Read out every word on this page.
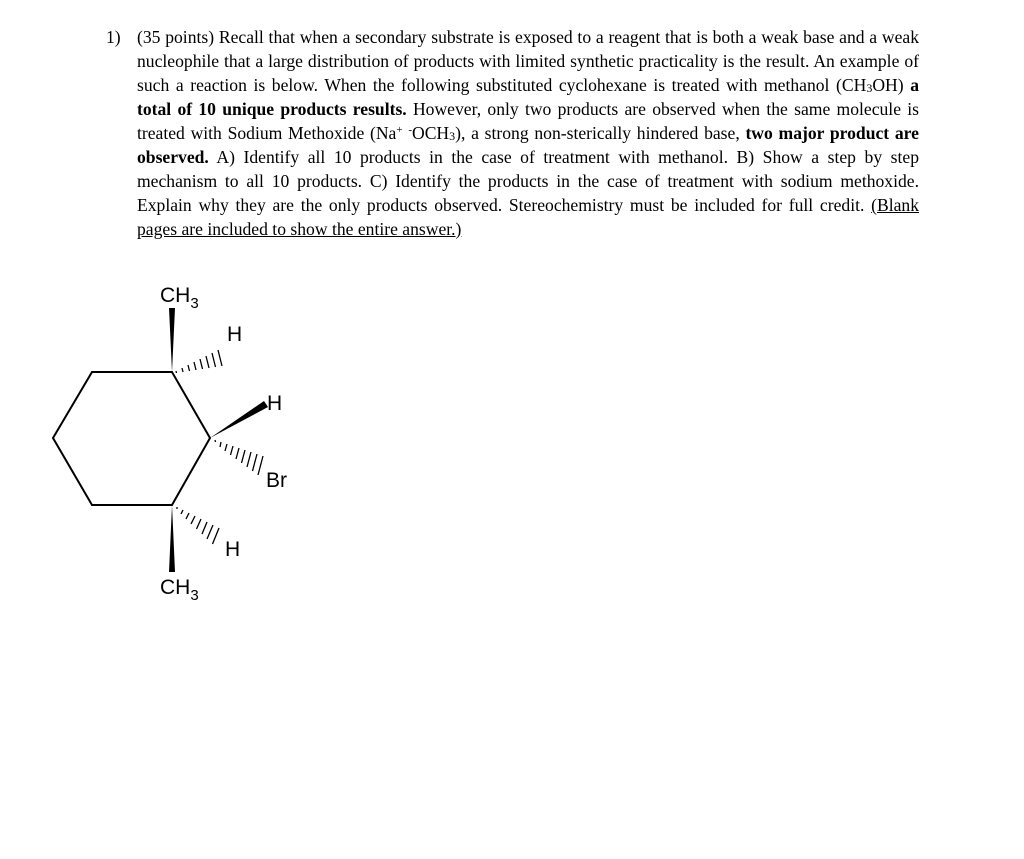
1) (35 points) Recall that when a secondary substrate is exposed to a reagent that is both a weak base and a weak nucleophile that a large distribution of products with limited synthetic practicality is the result. An example of such a reaction is below. When the following substituted cyclohexane is treated with methanol $(CH_3OH)$ a total of 10 unique products results. However, only two products are observed when the same molecule is treated with Sodium Methoxide (Na+ $^-OCH_3$), a strong non-sterically hindered base, two major product are observed. A) Identify all 10 products in the case of treatment with methanol. B) Show a step by step mechanism to all 10 products. C) Identify the products in the case of treatment with sodium methoxide. Explain why they are the only products observed. Stereochemistry must be included for full credit. (Blank pages are included to show the entire answer.)
$CH_3$
H
H
Br
H
$CH_3$
